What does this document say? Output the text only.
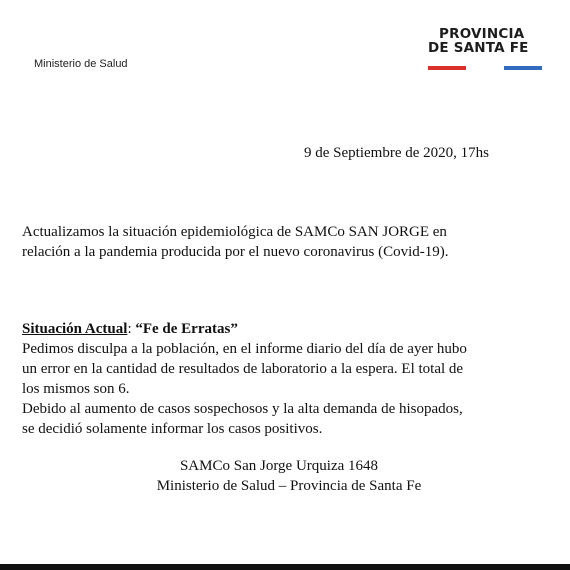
Ministerio de Salud
PROVINCIA
DE SANTA FE
9 de Septiembre de 2020, 17hs
Actualizamos la situación epidemiológica de SAMCo SAN JORGE en
relación a la pandemia producida por el nuevo coronavirus (Covid-19).
Situación Actual: “Fe de Erratas”
Pedimos disculpa a la población, en el informe diario del día de ayer hubo
un error en la cantidad de resultados de laboratorio a la espera. El total de
los mismos son 6.
Debido al aumento de casos sospechosos y la alta demanda de hisopados,
se decidió solamente informar los casos positivos.
SAMCo San Jorge Urquiza 1648
Ministerio de Salud – Provincia de Santa Fe
